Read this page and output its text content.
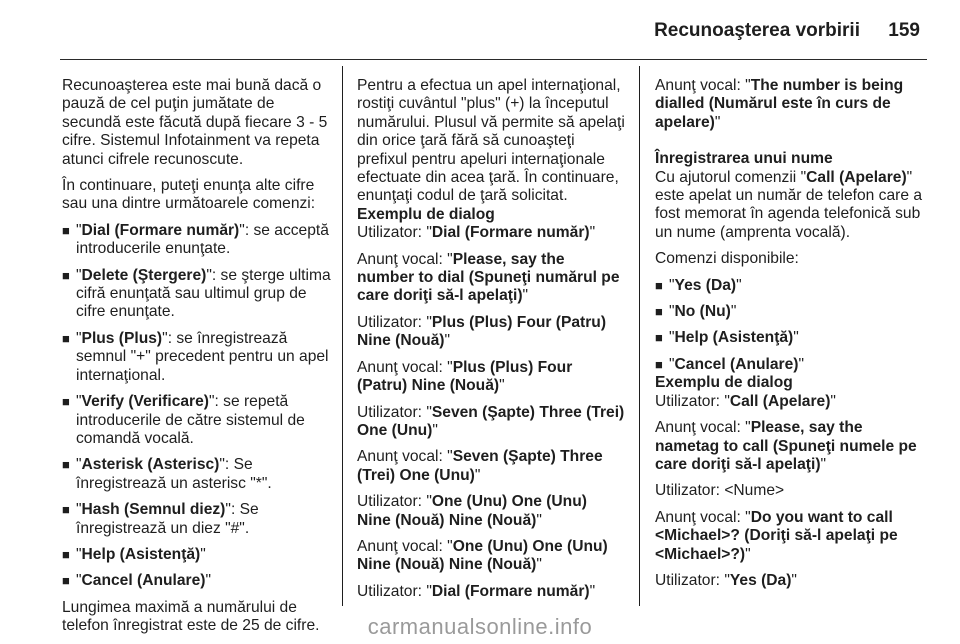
Recunoaşterea vorbirii 159

Recunoaşterea este mai bună dacă o pauză de cel puţin jumătate de secundă este făcută după fiecare 3 - 5 cifre. Sistemul Infotainment va repeta atunci cifrele recunoscute.

În continuare, puteţi enunţa alte cifre sau una dintre următoarele comenzi:

■ "Dial (Formare număr)": se acceptă introducerile enunţate.
■ "Delete (Ştergere)": se şterge ultima cifră enunţată sau ultimul grup de cifre enunţate.
■ "Plus (Plus)": se înregistrează semnul "+" precedent pentru un apel internaţional.
■ "Verify (Verificare)": se repetă introducerile de către sistemul de comandă vocală.
■ "Asterisk (Asterisc)": Se înregistrează un asterisc "*".
■ "Hash (Semnul diez)": Se înregistrează un diez "#".
■ "Help (Asistenţă)"
■ "Cancel (Anulare)"

Lungimea maximă a numărului de telefon înregistrat este de 25 de cifre.

Pentru a efectua un apel internaţional, rostiţi cuvântul "plus" (+) la începutul numărului. Plusul vă permite să apelaţi din orice ţară fără să cunoaşteţi prefixul pentru apeluri internaţionale efectuate din acea ţară. În continuare, enunţaţi codul de ţară solicitat.

Exemplu de dialog

Utilizator: "Dial (Formare număr)"

Anunţ vocal: "Please, say the number to dial (Spuneţi numărul pe care doriţi să-l apelaţi)"

Utilizator: "Plus (Plus) Four (Patru) Nine (Nouă)"

Anunţ vocal: "Plus (Plus) Four (Patru) Nine (Nouă)"

Utilizator: "Seven (Şapte) Three (Trei) One (Unu)"

Anunţ vocal: "Seven (Şapte) Three (Trei) One (Unu)"

Utilizator: "One (Unu) One (Unu) Nine (Nouă) Nine (Nouă)"

Anunţ vocal: "One (Unu) One (Unu) Nine (Nouă) Nine (Nouă)"

Utilizator: "Dial (Formare număr)"

Anunţ vocal: "The number is being dialled (Numărul este în curs de apelare)"

Înregistrarea unui nume

Cu ajutorul comenzii "Call (Apelare)" este apelat un număr de telefon care a fost memorat în agenda telefonică sub un nume (amprenta vocală).

Comenzi disponibile:

■ "Yes (Da)"
■ "No (Nu)"
■ "Help (Asistenţă)"
■ "Cancel (Anulare)"
Exemplu de dialog

Utilizator: "Call (Apelare)"

Anunţ vocal: "Please, say the nametag to call (Spuneţi numele pe care doriţi să-l apelaţi)"

Utilizator: <Nume>

Anunţ vocal: "Do you want to call <Michael>? (Doriţi să-l apelaţi pe <Michael>?)"

Utilizator: "Yes (Da)"

carmanualsonline.info
